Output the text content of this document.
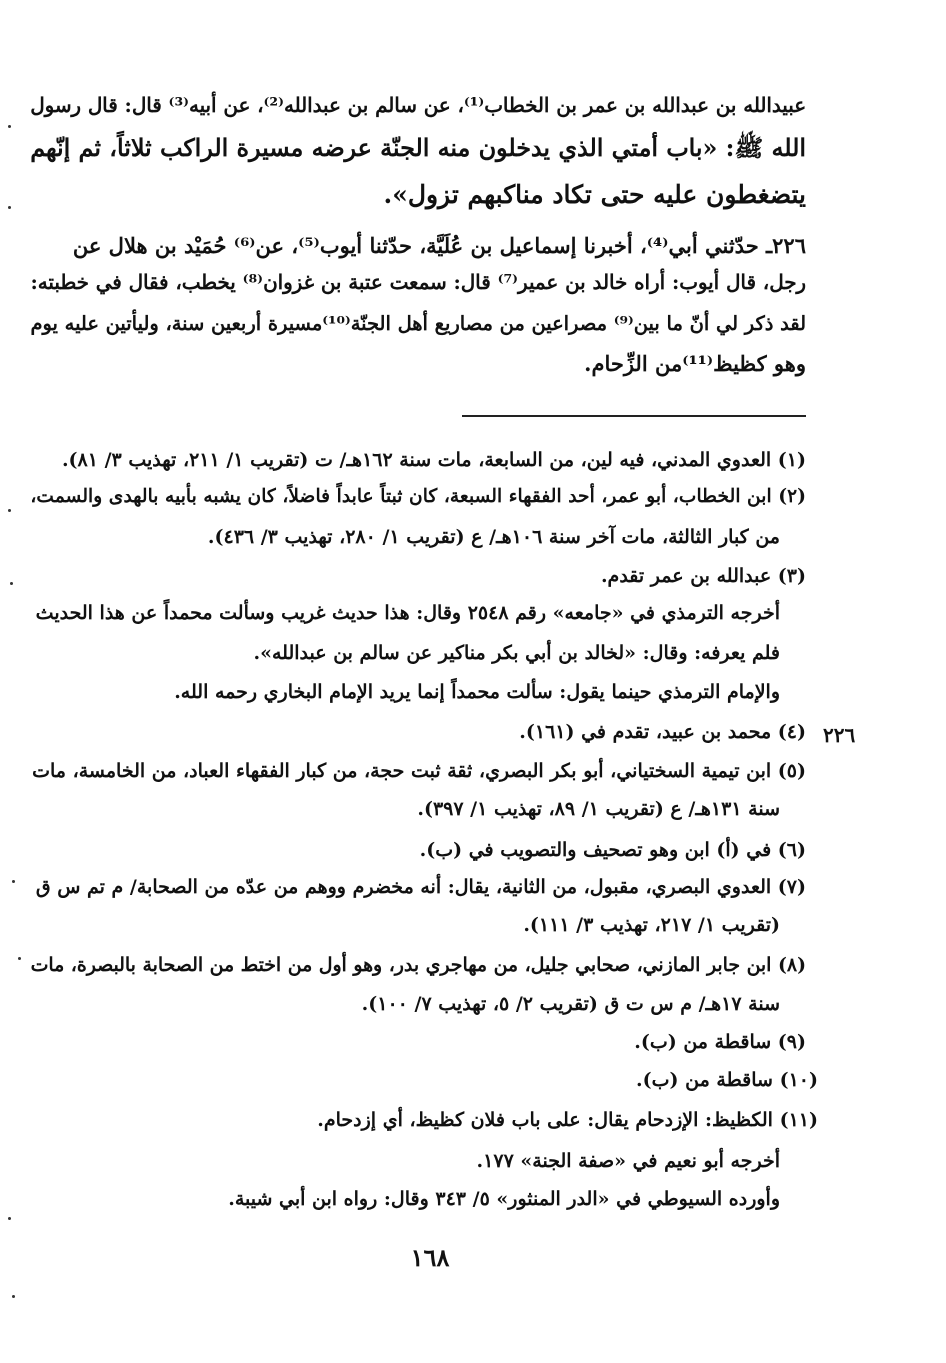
عبيدالله بن عبدالله بن عمر بن الخطاب⁽¹⁾، عن سالم بن عبدالله⁽²⁾، عن أبيه⁽³⁾ قال: قال رسول
الله ﷺ: «باب أمتي الذي يدخلون منه الجنّة عرضه مسيرة الراكب ثلاثاً، ثم إنّهم
يتضغطون عليه حتى تكاد مناكبهم تزول».
٢٢٦ـ حدّثني أبي⁽⁴⁾، أخبرنا إسماعيل بن عُلَيَّة، حدّثنا أيوب⁽⁵⁾، عن⁽⁶⁾ حُمَيْد بن هلال عن
رجل، قال أيوب: أراه خالد بن عمير⁽⁷⁾ قال: سمعت عتبة بن غزوان⁽⁸⁾ يخطب، فقال في خطبته:
لقد ذكر لي أنّ ما بين⁽⁹⁾ مصراعين من مصاريع أهل الجنّة⁽¹⁰⁾مسيرة أربعين سنة، وليأتين عليه يوم
وهو كظيظ⁽¹¹⁾من الزِّحام.
(١) العدوي المدني، فيه لين، من السابعة، مات سنة ١٦٢هـ/ ت (تقريب ١/ ٢١١، تهذيب ٣/ ٨١).
(٢) ابن الخطاب، أبو عمر، أحد الفقهاء السبعة، كان ثبتاً عابداً فاضلاً، كان يشبه بأبيه بالهدى والسمت،
من كبار الثالثة، مات آخر سنة ١٠٦هـ/ ع (تقريب ١/ ٢٨٠، تهذيب ٣/ ٤٣٦).
(٣) عبدالله بن عمر تقدم.
أخرجه الترمذي في «جامعه» رقم ٢٥٤٨ وقال: هذا حديث غريب وسألت محمداً عن هذا الحديث
فلم يعرفه: وقال: «لخالد بن أبي بكر مناكير عن سالم بن عبدالله».
والإمام الترمذي حينما يقول: سألت محمداً إنما يريد الإمام البخاري رحمه الله.
(٤) محمد بن عبيد، تقدم في (١٦١).
(٥) ابن تيمية السختياني، أبو بكر البصري، ثقة ثبت حجة، من كبار الفقهاء العباد، من الخامسة، مات
سنة ١٣١هـ/ ع (تقريب ١/ ٨٩، تهذيب ١/ ٣٩٧).
(٦) في (أ) ابن وهو تصحيف والتصويب في (ب).
(٧) العدوي البصري، مقبول، من الثانية، يقال: أنه مخضرم ووهم من عدّه من الصحابة/ م تم س ق
(تقريب ١/ ٢١٧، تهذيب ٣/ ١١١).
(٨) ابن جابر المازني، صحابي جليل، من مهاجري بدر، وهو أول من اختط من الصحابة بالبصرة، مات
سنة ١٧هـ/ م س ت ق (تقريب ٢/ ٥، تهذيب ٧/ ١٠٠).
(٩) ساقطة من (ب).
(١٠) ساقطة من (ب).
(١١) الكظيظ: الإزدحام يقال: على باب فلان كظيظ، أي إزدحام.
أخرجه أبو نعيم في «صفة الجنة» ١٧٧.
وأورده السيوطي في «الدر المنثور» ٥/ ٣٤٣ وقال: رواه ابن أبي شيبة.
٢٢٦
١٦٨
